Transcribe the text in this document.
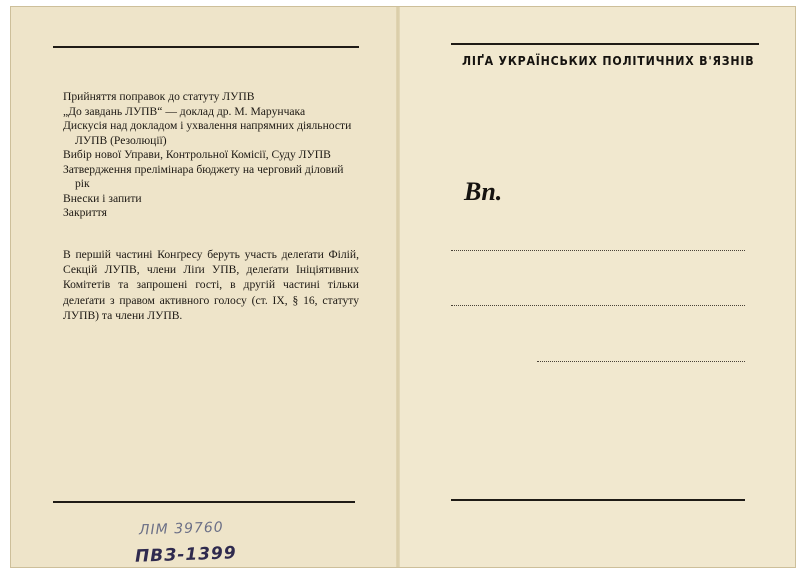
Прийняття поправок до статуту ЛУПВ
„До завдань ЛУПВ“ — доклад др. М. Марунчака
Дискусія над докладом і ухвалення напрямних діяльности ЛУПВ (Резолюції)
Вибір нової Управи, Контрольної Комісії, Суду ЛУПВ
Затвердження прелімінара бюджету на черговий діловий рік
Внески і запити
Закриття

В першій частині Конґресу беруть участь делеґати Філій, Секцій ЛУПВ, члени Ліґи УПВ, делеґати Ініціятивних Комітетів та запрошені гості, в другій частині тільки делеґати з правом активного голосу (ст. IX, § 16, статуту ЛУПВ) та члени ЛУПВ.

ЛІМ 39760

ПВЗ-1399

ЛІҐА УКРАЇНСЬКИХ ПОЛІТИЧНИХ В'ЯЗНІВ

Вп.
